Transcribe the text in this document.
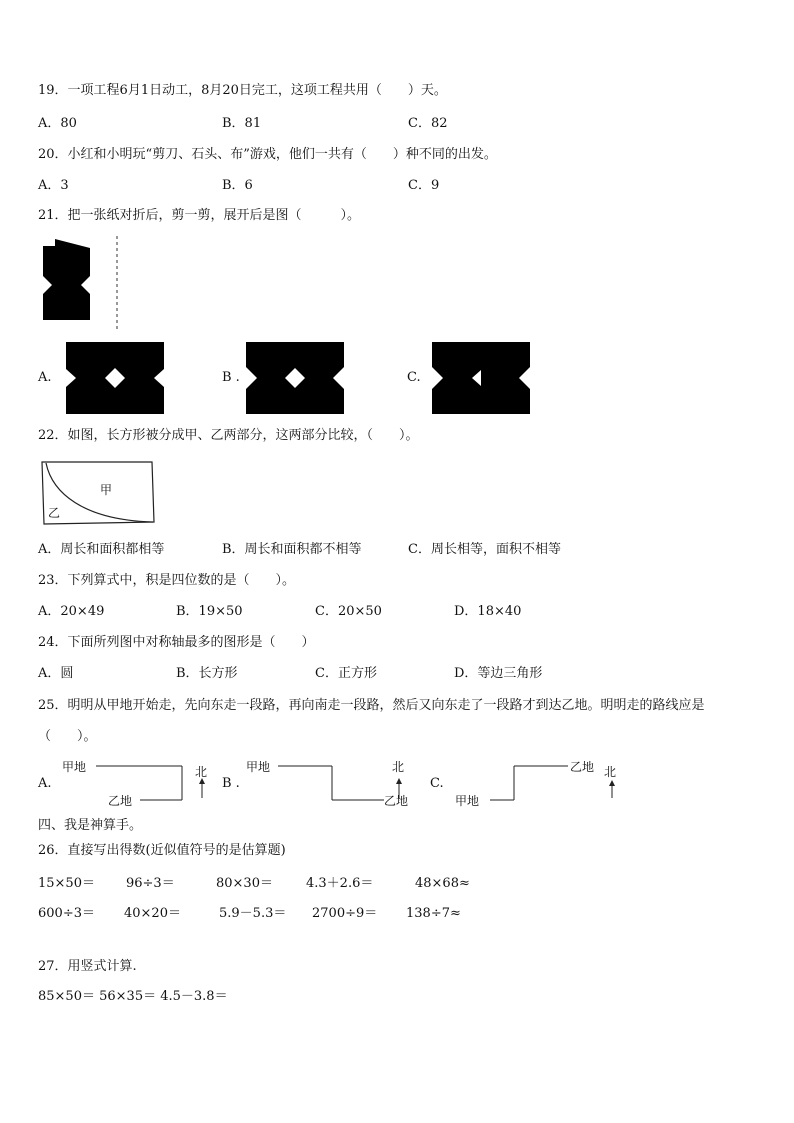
19．一项工程6月1日动工，8月20日完工，这项工程共用（　　）天。
A．80	B．81	C．82
20．小红和小明玩“剪刀、石头、布”游戏，他们一共有（　　）种不同的出发。
A．3	B．6	C．9
21．把一张纸对折后，剪一剪，展开后是图（　　　）。
A.	B .	C.
22．如图，长方形被分成甲、乙两部分，这两部分比较，（　　）。
甲
乙
A．周长和面积都相等	B．周长和面积都不相等	C．周长相等，面积不相等
23．下列算式中，积是四位数的是（　　）。
A．20×49	B．19×50	C．20×50	D．18×40
24．下面所列图中对称轴最多的图形是（　　）
A．圆	B．长方形	C．正方形	D．等边三角形
25．明明从甲地开始走，先向东走一段路，再向南走一段路，然后又向东走了一段路才到达乙地。明明走的路线应是
（　　）。
A.
甲地
乙地
北
B .
甲地
乙地
北
C.
甲地
乙地 北
四、我是神算手。
26．直接写出得数(近似值符号的是估算题)
15×50＝ 96÷3＝	80×30＝	4.3＋2.6＝	48×68≈
600÷3＝ 40×20＝	5.9－5.3＝ 2700÷9＝ 138÷7≈
27．用竖式计算.
85×50＝ 56×35＝ 4.5－3.8＝
